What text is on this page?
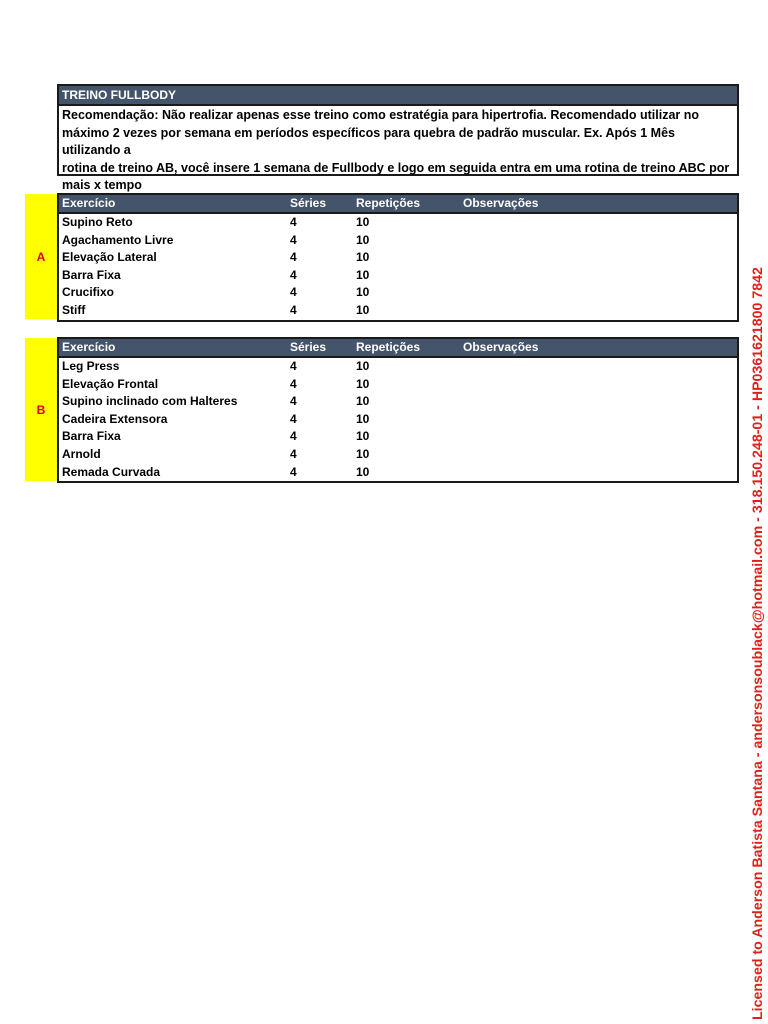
TREINO FULLBODY
Recomendação: Não realizar apenas esse treino como estratégia para hipertrofia. Recomendado utilizar no
máximo 2 vezes por semana em períodos específicos para quebra de padrão muscular. Ex. Após 1 Mês utilizando a
rotina de treino AB, você insere 1 semana de Fullbody e logo em seguida entra em uma rotina de treino ABC por
mais x tempo
A
Exercício	Séries Repetições	Observações
Supino Reto	4	10
Agachamento Livre	4	10
Elevação Lateral	4	10
Barra Fixa	4	10
Crucifixo	4	10
Stiff	4	10
B
Exercício	Séries Repetições	Observações
Leg Press	4	10
Elevação Frontal	4	10
Supino inclinado com Halteres	4	10
Cadeira Extensora	4	10
Barra Fixa	4	10
Arnold	4	10
Remada Curvada	4	10	Licensed to Anderson Batista Santana - andersonsoublack@hotmail.com - 318.150.248-01 - HP0361621800 7842
